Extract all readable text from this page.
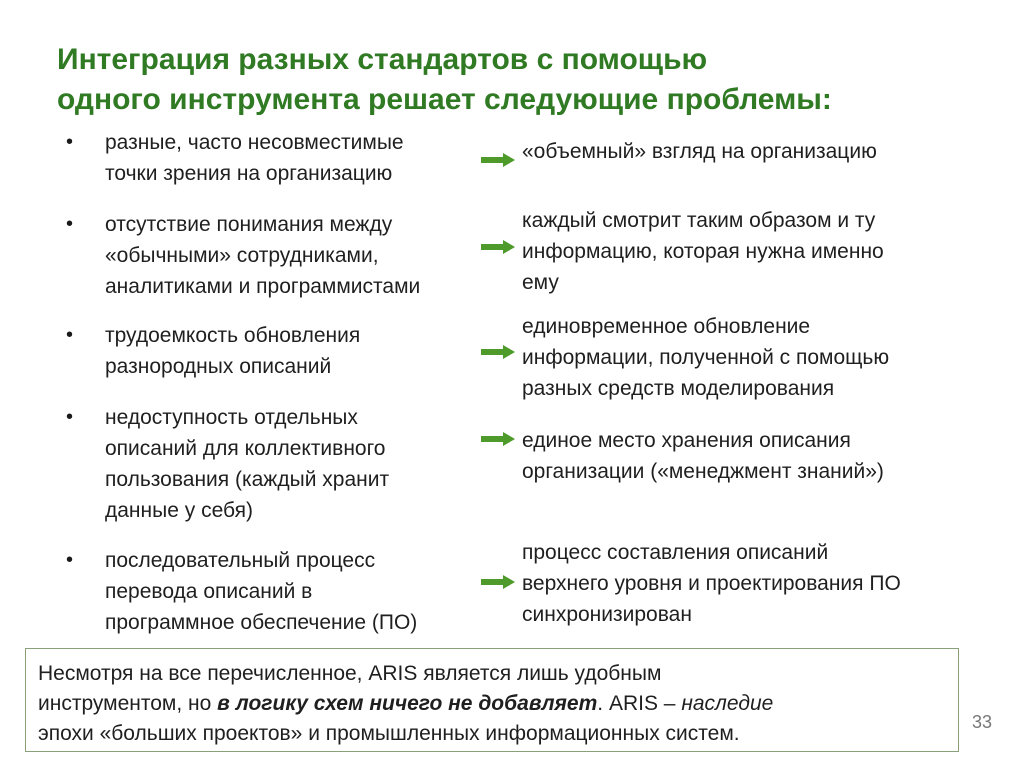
Интеграция разных стандартов с помощью
одного инструмента решает следующие проблемы:
• разные, часто несовместимые
точки зрения на организацию
«объемный» взгляд на организацию
• отсутствие понимания между
«обычными» сотрудниками,
аналитиками и программистами
каждый смотрит таким образом и ту
информацию, которая нужна именно
ему
• трудоемкость обновления
разнородных описаний
единовременное обновление
информации, полученной с помощью
разных средств моделирования
• недоступность отдельных
описаний для коллективного
пользования (каждый хранит
данные у себя)
единое место хранения описания
организации («менеджмент знаний»)
• последовательный процесс
перевода описаний в
программное обеспечение (ПО)
процесс составления описаний
верхнего уровня и проектирования ПО
синхронизирован
Несмотря на все перечисленное, ARIS является лишь удобным
инструментом, но в логику схем ничего не добавляет. ARIS – наследие
эпохи «больших проектов» и промышленных информационных систем.	33
